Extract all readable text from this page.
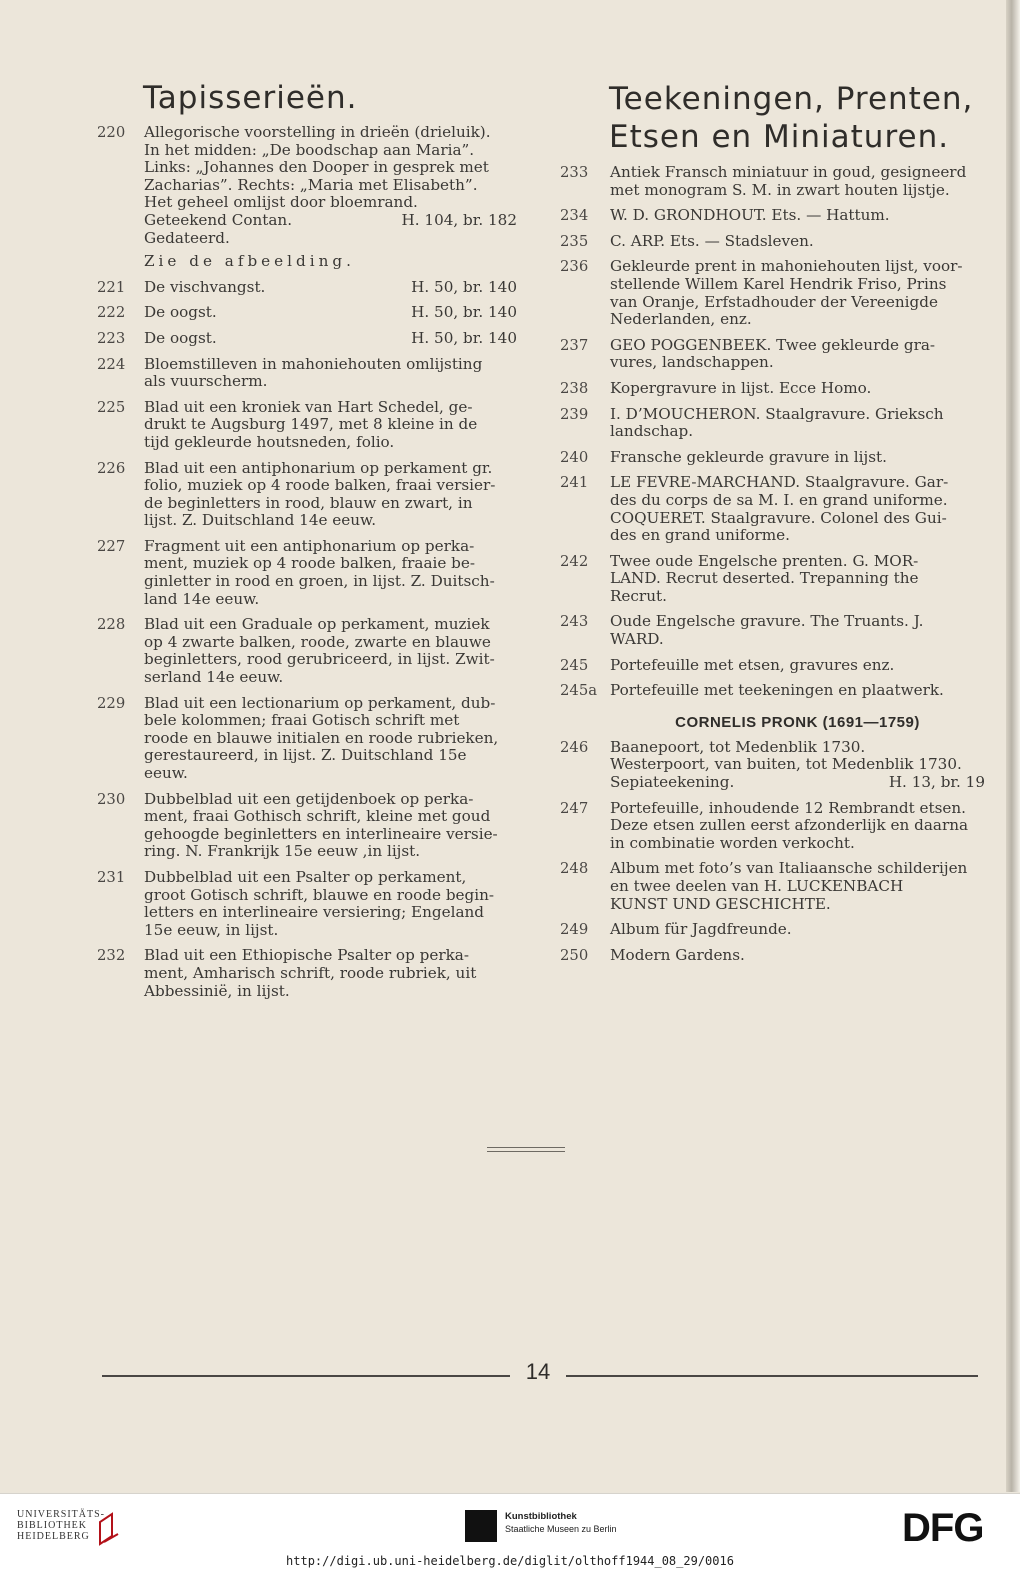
Tapisserieën.
220	Allegorische voorstelling in drieën (drieluik).
In het midden: „De boodschap aan Maria”.
Links: „Johannes den Dooper in gesprek met
Zacharias”. Rechts: „Maria met Elisabeth”.
Het geheel omlijst door bloemrand.
Geteekend Contan.	H. 104, br. 182
Gedateerd.
Zie de afbeelding.
221	De vischvangst.	H. 50, br. 140
222	De oogst.	H. 50, br. 140
223	De oogst.	H. 50, br. 140
224	Bloemstilleven in mahoniehouten omlijsting
als vuurscherm.
225	Blad uit een kroniek van Hart Schedel, ge-
drukt te Augsburg 1497, met 8 kleine in de
tijd gekleurde houtsneden, folio.
226	Blad uit een antiphonarium op perkament gr.
folio, muziek op 4 roode balken, fraai versier-
de beginletters in rood, blauw en zwart, in
lijst. Z. Duitschland 14e eeuw.
227	Fragment uit een antiphonarium op perka-
ment, muziek op 4 roode balken, fraaie be-
ginletter in rood en groen, in lijst. Z. Duitsch-
land 14e eeuw.
228	Blad uit een Graduale op perkament, muziek
op 4 zwarte balken, roode, zwarte en blauwe
beginletters, rood gerubriceerd, in lijst. Zwit-
serland 14e eeuw.
229	Blad uit een lectionarium op perkament, dub-
bele kolommen; fraai Gotisch schrift met
roode en blauwe initialen en roode rubrieken,
gerestaureerd, in lijst. Z. Duitschland 15e
eeuw.
230	Dubbelblad uit een getijdenboek op perka-
ment, fraai Gothisch schrift, kleine met goud
gehoogde beginletters en interlineaire versie-
ring. N. Frankrijk 15e eeuw ,in lijst.
231	Dubbelblad uit een Psalter op perkament,
groot Gotisch schrift, blauwe en roode begin-
letters en interlineaire versiering; Engeland
15e eeuw, in lijst.
232	Blad uit een Ethiopische Psalter op perka-
ment, Amharisch schrift, roode rubriek, uit
Abbessinië, in lijst.
Teekeningen, Prenten,
Etsen en Miniaturen.
233	Antiek Fransch miniatuur in goud, gesigneerd
met monogram S. M. in zwart houten lijstje.
234	W. D. GRONDHOUT. Ets. — Hattum.
235	C. ARP. Ets. — Stadsleven.
236	Gekleurde prent in mahoniehouten lijst, voor-
stellende Willem Karel Hendrik Friso, Prins
van Oranje, Erfstadhouder der Vereenigde
Nederlanden, enz.
237	GEO POGGENBEEK. Twee gekleurde gra-
vures, landschappen.
238	Kopergravure in lijst. Ecce Homo.
239	I. D’MOUCHERON. Staalgravure. Grieksch
landschap.
240	Fransche gekleurde gravure in lijst.
241	LE FEVRE-MARCHAND. Staalgravure. Gar-
des du corps de sa M. I. en grand uniforme.
COQUERET. Staalgravure. Colonel des Gui-
des en grand uniforme.
242	Twee oude Engelsche prenten. G. MOR-
LAND. Recrut deserted. Trepanning the
Recrut.
243	Oude Engelsche gravure. The Truants. J.
WARD.
245	Portefeuille met etsen, gravures enz.
245a Portefeuille met teekeningen en plaatwerk.
CORNELIS PRONK (1691—1759)
246	Baanepoort, tot Medenblik 1730.
Westerpoort, van buiten, tot Medenblik 1730.
Sepiateekening.	H. 13, br. 19
247	Portefeuille, inhoudende 12 Rembrandt etsen.
Deze etsen zullen eerst afzonderlijk en daarna
in combinatie worden verkocht.
248	Album met foto’s van Italiaansche schilderijen
en twee deelen van H. LUCKENBACH
KUNST UND GESCHICHTE.
249	Album für Jagdfreunde.
250	Modern Gardens.
14
UNIVERSITÄTS-
BIBLIOTHEK
HEIDELBERG
Kunstbibliothek
Staatliche Museen zu Berlin	DFG
http://digi.ub.uni-heidelberg.de/diglit/olthoff1944_08_29/0016
